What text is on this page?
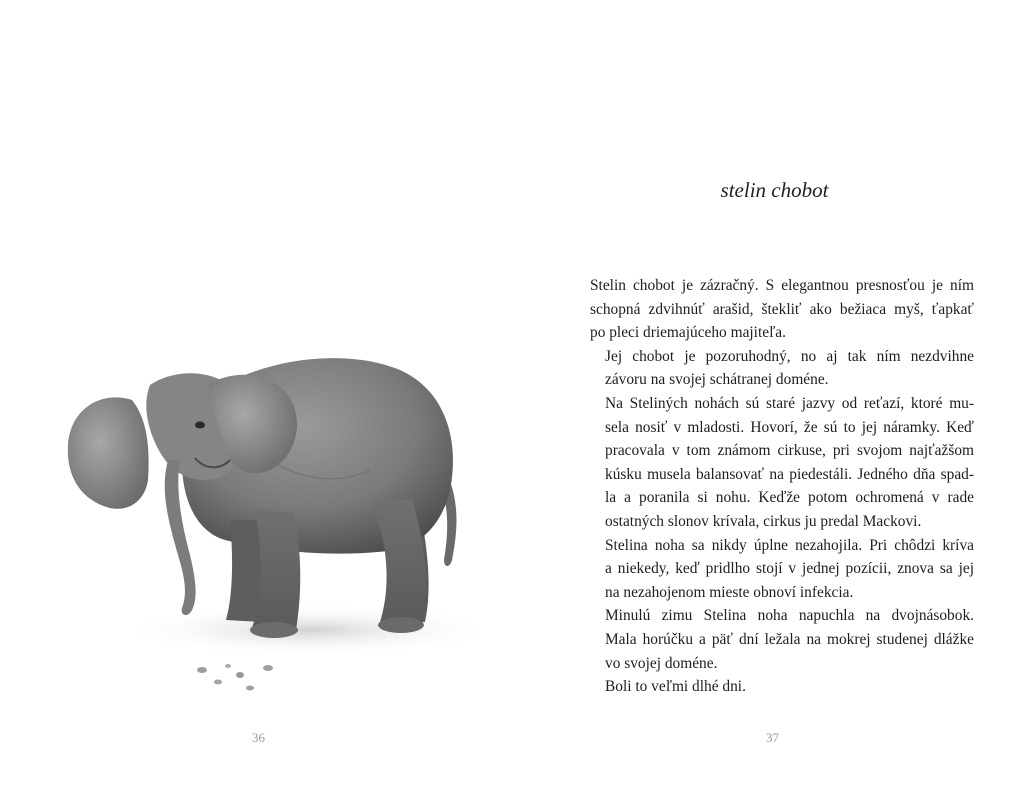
36
stelin chobot

Stelin chobot je zázračný. S elegantnou presnosťou je ním
schopná zdvihnúť arašid, štekliť ako bežiaca myš, ťapkať
po pleci driemajúceho majiteľa.

Jej chobot je pozoruhodný, no aj tak ním nezdvihne
závoru na svojej schátranej doméne.

Na Steliných nohách sú staré jazvy od reťazí, ktoré mu-
sela nosiť v mladosti. Hovorí, že sú to jej náramky. Keď
pracovala v tom známom cirkuse, pri svojom najťažšom
kúsku musela balansovať na piedestáli. Jedného dňa spad-
la a poranila si nohu. Keďže potom ochromená v rade
ostatných slonov krívala, cirkus ju predal Mackovi.

Stelina noha sa nikdy úplne nezahojila. Pri chôdzi kríva
a niekedy, keď pridlho stojí v jednej pozícii, znova sa jej
na nezahojenom mieste obnoví infekcia.

Minulú zimu Stelina noha napuchla na dvojnásobok.
Mala horúčku a päť dní ležala na mokrej studenej dlážke
vo svojej doméne.

Boli to veľmi dlhé dni.

37
